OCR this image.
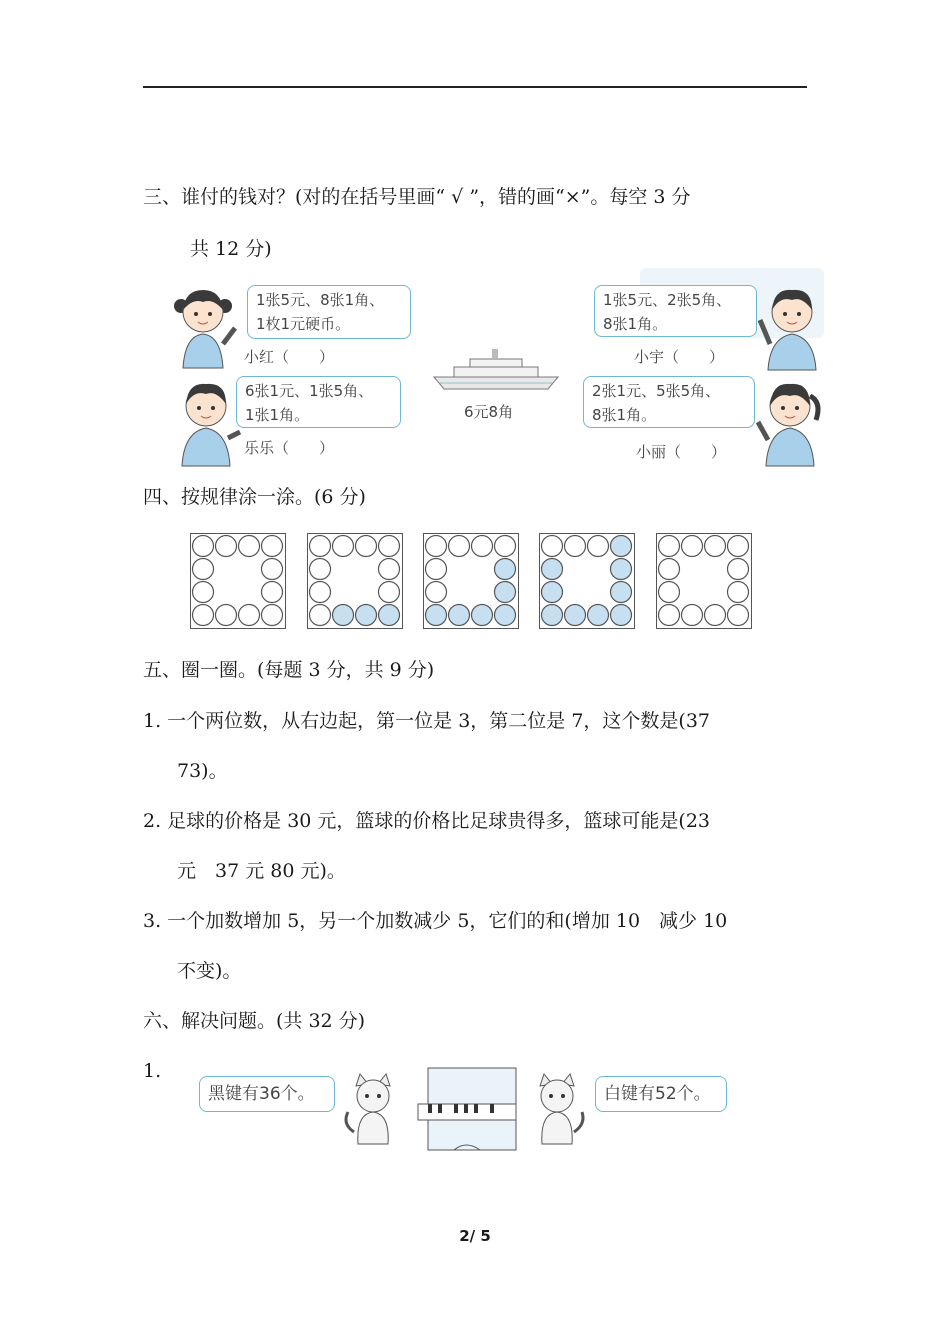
三、谁付的钱对？(对的在括号里画“ √ ”，错的画“×”。每空 3 分
共 12 分)
1张5元、8张1角、
1枚1元硬币。
小红（　　）
6张1元、1张5角、
1张1角。
乐乐（　　）
6元8角
1张5元、2张5角、
8张1角。
小宇（　　）
2张1元、5张5角、
8张1角。
小丽（　　）
四、按规律涂一涂。(6 分)
五、圈一圈。(每题 3 分，共 9 分)
1. 一个两位数，从右边起，第一位是 3，第二位是 7，这个数是(37
73)。
2. 足球的价格是 30 元，篮球的价格比足球贵得多，篮球可能是(23
元　37 元 80 元)。
3. 一个加数增加 5，另一个加数减少 5，它们的和(增加 10　减少 10
不变)。
六、解决问题。(共 32 分)
1.
黑键有36个。	白键有52个。
2/ 5
